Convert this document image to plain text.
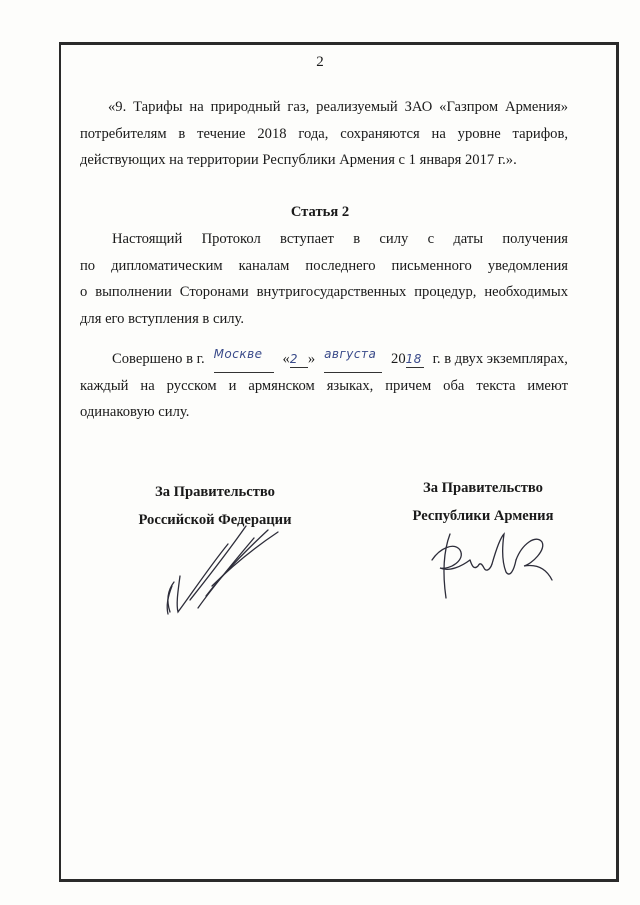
2
«9. Тарифы на природный газ, реализуемый ЗАО «Газпром Армения»
потребителям в течение 2018 года, сохраняются на уровне тарифов,
действующих на территории Республики Армения с 1 января 2017 г.».
Статья 2
Настоящий Протокол вступает в силу с даты получения
по дипломатическим каналам последнего письменного уведомления
о выполнении Сторонами внутригосударственных процедур, необходимых
для его вступления в силу.
Совершено в г. Москве	«2 » августа	2018 г. в двух экземплярах,
каждый на русском и армянском языках, причем оба текста имеют
одинаковую силу.
За Правительство
Российской Федерации
За Правительство
Республики Армения
